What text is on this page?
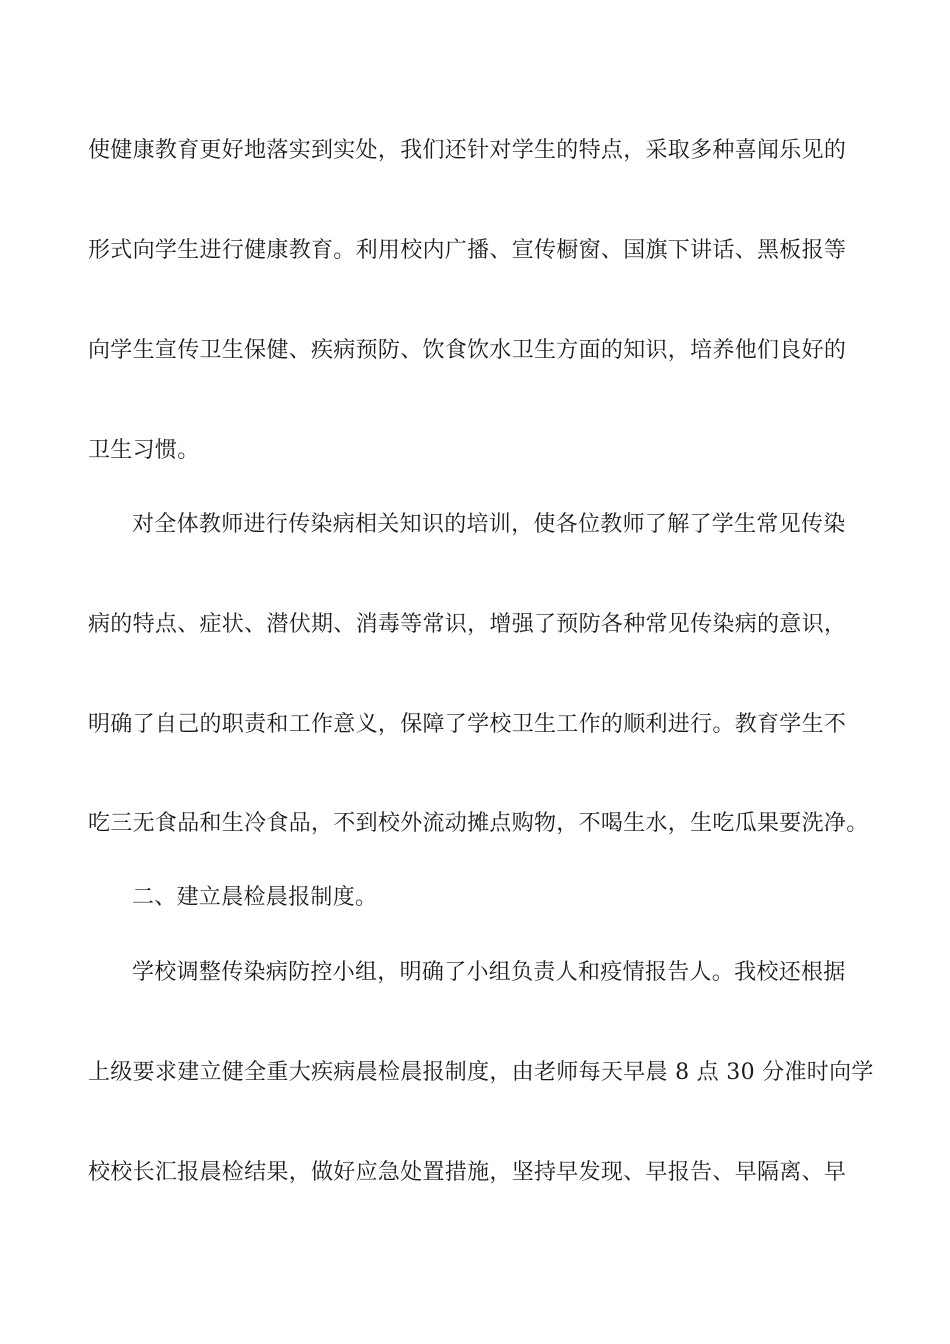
使健康教育更好地落实到实处，我们还针对学生的特点，采取多种喜闻乐见的
形式向学生进行健康教育。利用校内广播、宣传橱窗、国旗下讲话、黑板报等
向学生宣传卫生保健、疾病预防、饮食饮水卫生方面的知识，培养他们良好的
卫生习惯。
对全体教师进行传染病相关知识的培训，使各位教师了解了学生常见传染
病的特点、症状、潜伏期、消毒等常识，增强了预防各种常见传染病的意识，
明确了自己的职责和工作意义，保障了学校卫生工作的顺利进行。教育学生不
吃三无食品和生冷食品，不到校外流动摊点购物，不喝生水，生吃瓜果要洗净。
二、建立晨检晨报制度。
学校调整传染病防控小组，明确了小组负责人和疫情报告人。我校还根据
上级要求建立健全重大疾病晨检晨报制度，由老师每天早晨 8 点 30 分准时向学
校校长汇报晨检结果，做好应急处置措施，坚持早发现、早报告、早隔离、早
